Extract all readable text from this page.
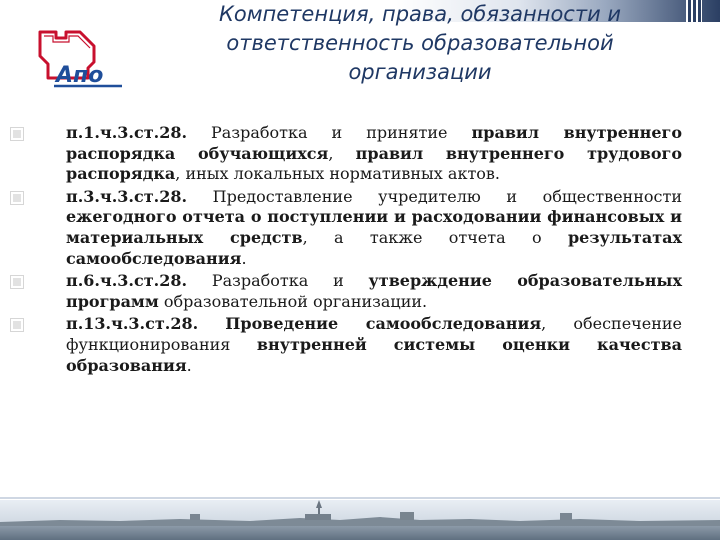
Апо
Компетенция, права, обязанности и
ответственность образовательной
организации
п.1.ч.3.ст.28. Разработка и принятие правил внутреннего распорядка обучающихся, правил внутреннего трудового распорядка, иных локальных нормативных актов.
п.3.ч.3.ст.28. Предоставление учредителю и общественности ежегодного отчета о поступлении и расходовании финансовых и материальных средств, а также отчета о результатах самообследования.
п.6.ч.3.ст.28. Разработка и утверждение образовательных программ образовательной организации.
п.13.ч.3.ст.28. Проведение самообследования, обеспечение функционирования внутренней системы оценки качества образования.
